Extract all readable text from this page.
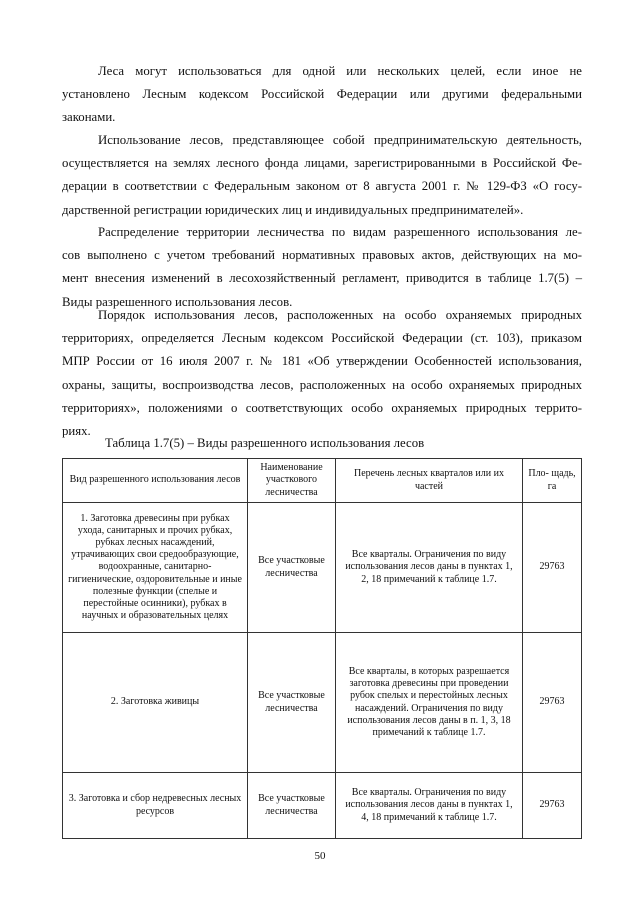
Леса могут использоваться для одной или нескольких целей, если иное не
установлено Лесным кодексом Российской Федерации или другими федеральными
законами.

Использование лесов, представляющее собой предпринимательскую деятельность,
осуществляется на землях лесного фонда лицами, зарегистрированными в Российской Фе-
дерации в соответствии с Федеральным законом от 8 августа 2001 г. № 129-ФЗ «О госу-
дарственной регистрации юридических лиц и индивидуальных предпринимателей».

Распределение территории лесничества по видам разрешенного использования ле-
сов выполнено с учетом требований нормативных правовых актов, действующих на мо-
мент внесения изменений в лесохозяйственный регламент, приводится в таблице 1.7(5) –
Виды разрешенного использования лесов.

Порядок использования лесов, расположенных на особо охраняемых природных
территориях, определяется Лесным кодексом Российской Федерации (ст. 103), приказом
МПР России от 16 июля 2007 г. № 181 «Об утверждении Особенностей использования,
охраны, защиты, воспроизводства лесов, расположенных на особо охраняемых природных
территориях», положениями о соответствующих особо охраняемых природных террито-
риях.

Таблица 1.7(5) – Виды разрешенного использования лесов

Вид разрешенного использования лесов	Наименование участкового лесничества	Перечень лесных кварталов или их частей	Пло- щадь, га
1. Заготовка древесины при рубках ухода, санитарных и прочих рубках, рубках лесных насаждений, утрачивающих свои средообразующие, водоохранные, санитарно-гигиенические, оздоровительные и иные полезные функции (спелые и перестойные осинники), рубках в научных и образовательных целях	Все участковые лесничества	Все кварталы. Ограничения по виду использования лесов даны в пунктах 1, 2, 18 примечаний к таблице 1.7.	29763
2. Заготовка живицы	Все участковые лесничества	Все кварталы, в которых разрешается заготовка древесины при проведении рубок спелых и перестойных лесных насаждений. Ограничения по виду использования лесов даны в п. 1, 3, 18 примечаний к таблице 1.7.	29763
3. Заготовка и сбор недревесных лесных ресурсов	Все участковые лесничества	Все кварталы. Ограничения по виду использования лесов даны в пунктах 1, 4, 18 примечаний к таблице 1.7.	29763
50
